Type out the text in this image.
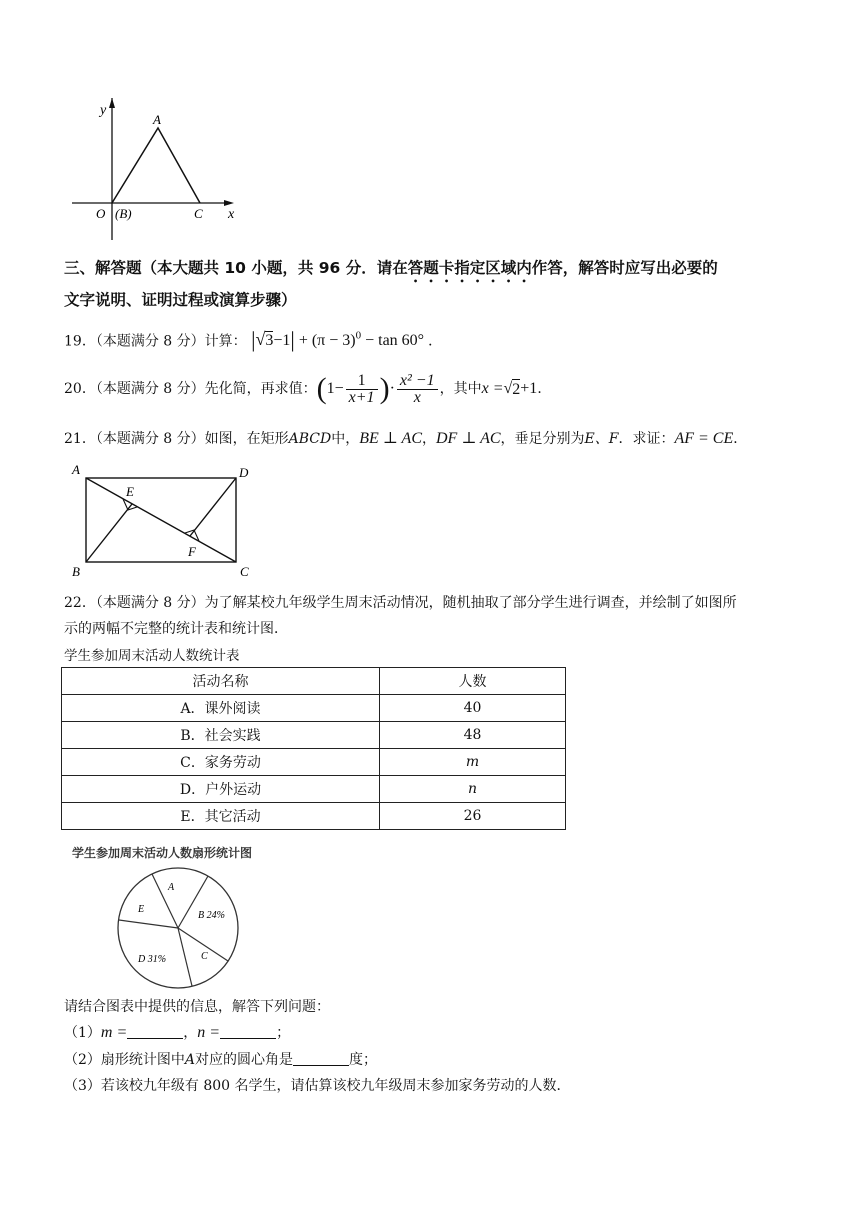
y
A
O (B)	C x
三、解答题（本大题共 10 小题，共 96 分．请在答题卡指定区域内作答，解答时应写出必要的
文字说明、证明过程或演算步骤）
19．（本题满分 8 分）计算： $|√3-1| + (\pi - 3)^0 - \tan 60^\circ$ ．
20．（本题满分 8 分）先化简，再求值： ( $1- \frac{1}{x+1}$ ) · $\frac{\text{x² −1}}{x}$ ，其中 x = √ 2 +1 ．
21．（本题满分 8 分）如图，在矩形ABCD中，BE ⊥ AC，DF ⊥ AC，垂足分别为E、F．求证：AF = CE．
A	D
E
F
B	C
22．（本题满分 8 分）为了解某校九年级学生周末活动情况，随机抽取了部分学生进行调查，并绘制了如图所
示的两幅不完整的统计表和统计图．
学生参加周末活动人数统计表
活动名称	人数
A．课外阅读	40
B．社会实践	48
C．家务劳动	m
D．户外运动	n
E．其它活动	26
学生参加周末活动人数扇形统计图
A
B 24%
C
D 31%
E
请结合图表中提供的信息，解答下列问题：
（1）m =	，n =	；
（2）扇形统计图中A对应的圆心角是	度；
（3）若该校九年级有 800 名学生，请估算该校九年级周末参加家务劳动的人数．
